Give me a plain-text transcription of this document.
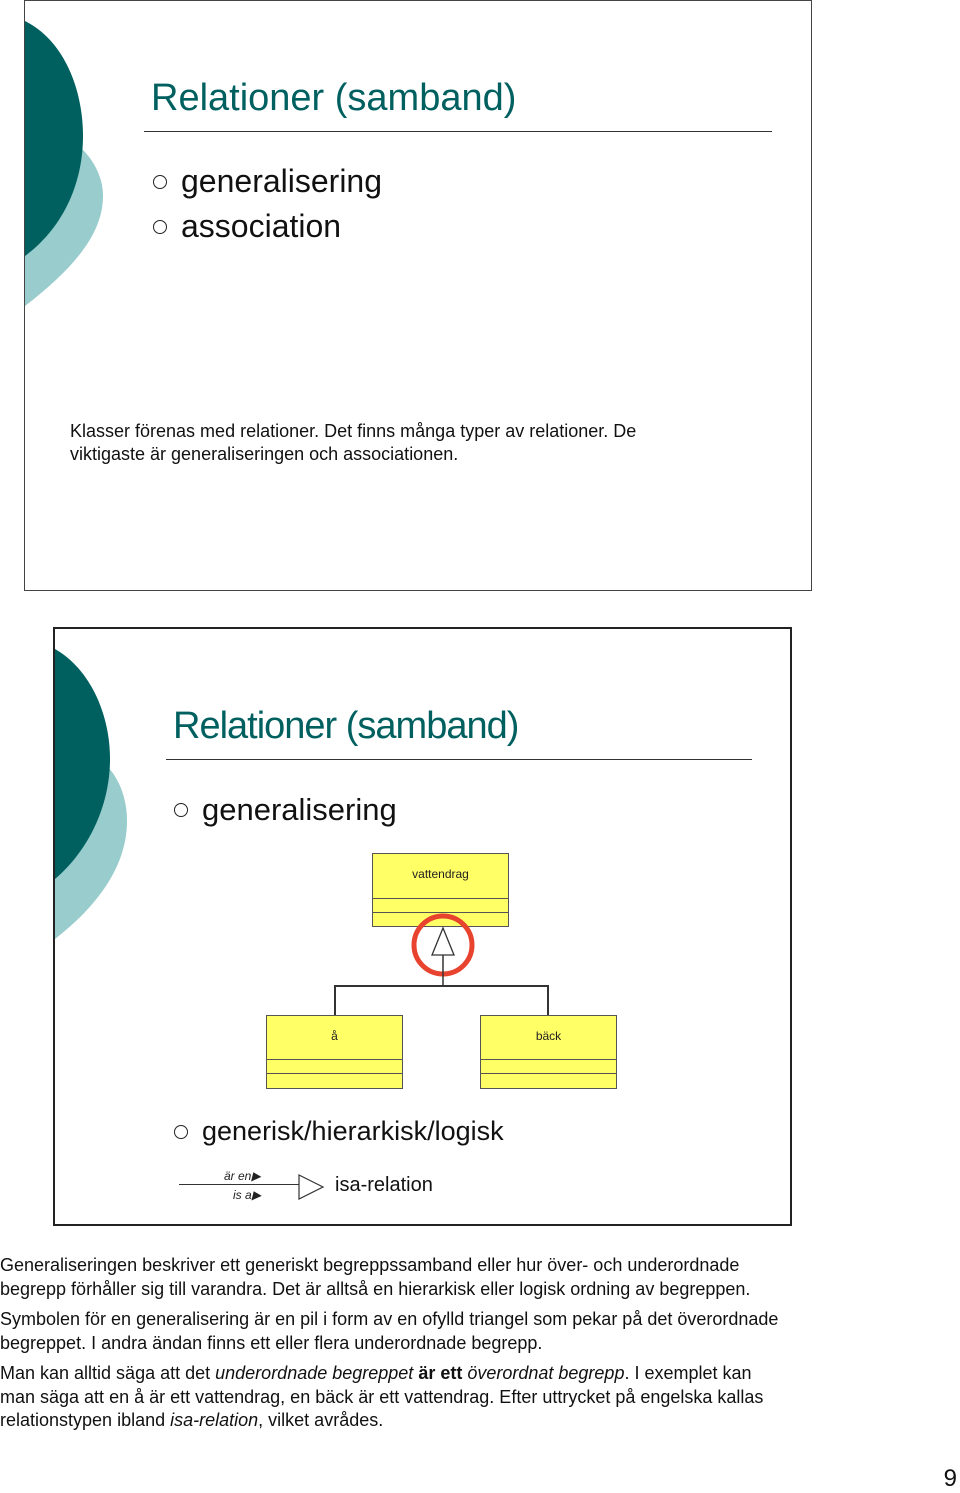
Relationer (samband)
generalisering
association
Klasser förenas med relationer. Det finns många typer av relationer. De
viktigaste är generaliseringen och associationen.
Relationer (samband)
generalisering
vattendrag
å	bäck
generisk/hierarkisk/logisk
är en▶
is a▶	isa-relation
Generaliseringen beskriver ett generiskt begreppssamband eller hur över- och underordnade
begrepp förhåller sig till varandra. Det är alltså en hierarkisk eller logisk ordning av begreppen.
Symbolen för en generalisering är en pil i form av en ofylld triangel som pekar på det överordnade
begreppet. I andra ändan finns ett eller flera underordnade begrepp.
Man kan alltid säga att det underordnade begreppet är ett överordnat begrepp. I exemplet kan
man säga att en å är ett vattendrag, en bäck är ett vattendrag. Efter uttrycket på engelska kallas
relationstypen ibland isa-relation, vilket avrådes.
9
